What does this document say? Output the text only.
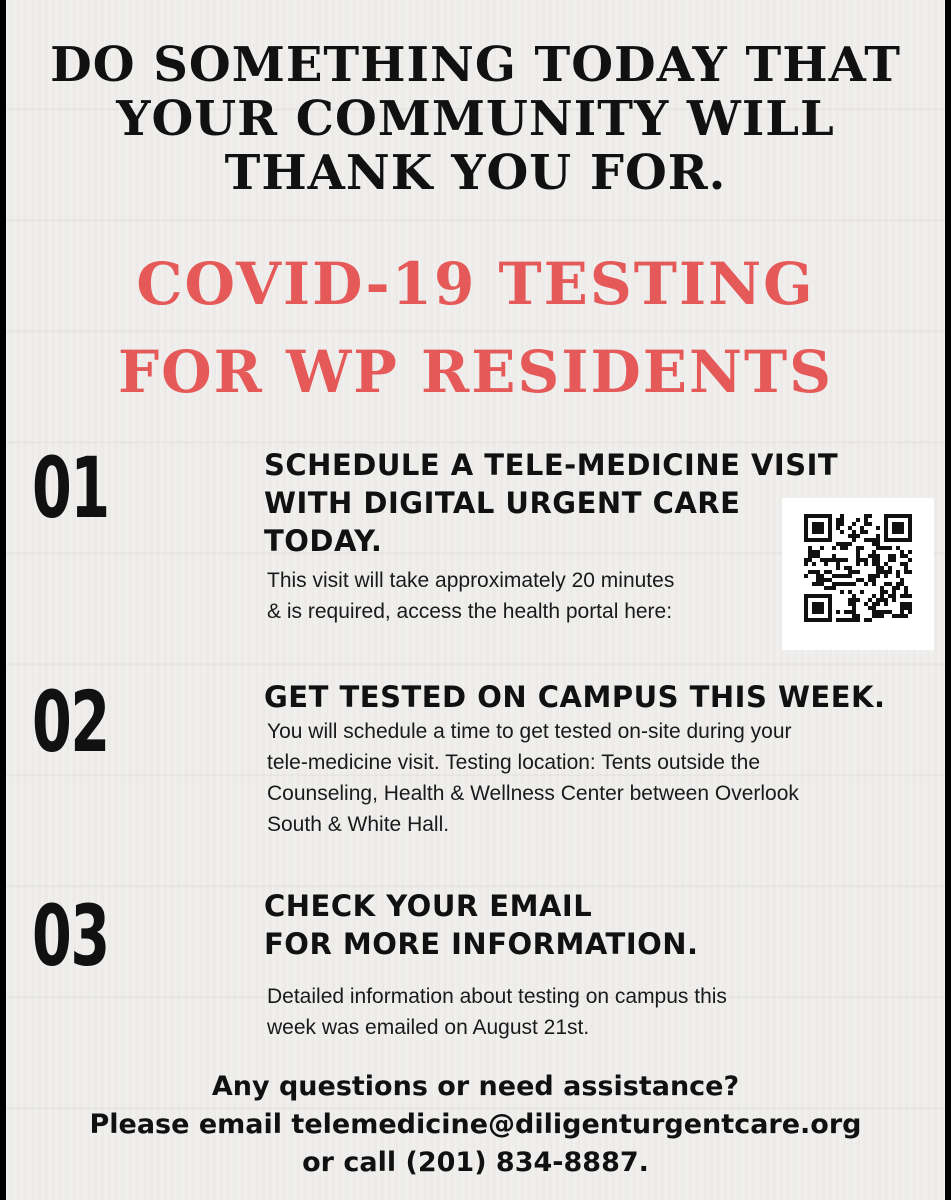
DO SOMETHING TODAY THAT
YOUR COMMUNITY WILL
THANK YOU FOR.
COVID-19 TESTING
FOR WP RESIDENTS
01	SCHEDULE A TELE-MEDICINE VISIT
WITH DIGITAL URGENT CARE
TODAY.
This visit will take approximately 20 minutes
& is required, access the health portal here:
02	GET TESTED ON CAMPUS THIS WEEK.
You will schedule a time to get tested on-site during your
tele-medicine visit. Testing location: Tents outside the
Counseling, Health & Wellness Center between Overlook
South & White Hall.
03	CHECK YOUR EMAIL
FOR MORE INFORMATION.
Detailed information about testing on campus this
week was emailed on August 21st.
Any questions or need assistance?
Please email telemedicine@diligenturgentcare.org
or call (201) 834-8887.
